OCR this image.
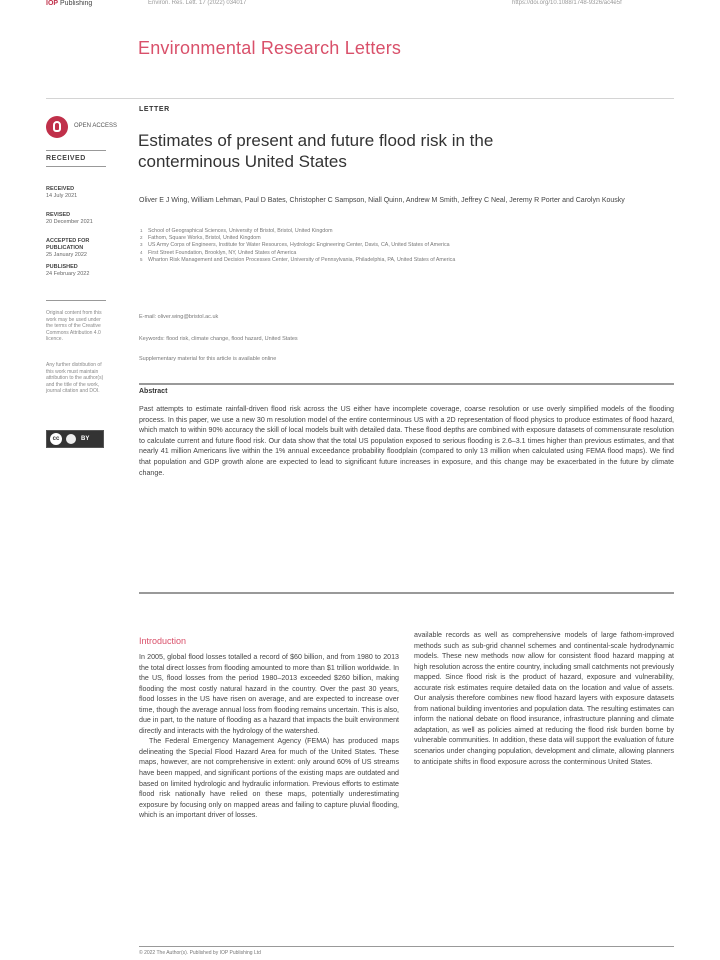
IOP Publishing	Environ. Res. Lett. 17 (2022) 034017	https://doi.org/10.1088/1748-9326/ac4e5f
Environmental Research Letters
OPEN ACCESS
RECEIVED
RECEIVED
14 July 2021
REVISED
20 December 2021
ACCEPTED FOR PUBLICATION
25 January 2022
PUBLISHED
24 February 2022
Original content from this work may be used under the terms of the Creative Commons Attribution 4.0 licence.
Any further distribution of this work must maintain attribution to the author(s) and the title of the work, journal citation and DOI.
cc	BY
LETTER
Estimates of present and future flood risk in the conterminous United States
Oliver E J Wing, William Lehman, Paul D Bates, Christopher C Sampson, Niall Quinn, Andrew M Smith, Jeffrey C Neal, Jeremy R Porter and Carolyn Kousky
1 School of Geographical Sciences, University of Bristol, Bristol, United Kingdom
2 Fathom, Square Works, Bristol, United Kingdom
3 US Army Corps of Engineers, Institute for Water Resources, Hydrologic Engineering Center, Davis, CA, United States of America
4 First Street Foundation, Brooklyn, NY, United States of America
5 Wharton Risk Management and Decision Processes Center, University of Pennsylvania, Philadelphia, PA, United States of America
E-mail: oliver.wing@bristol.ac.uk
Keywords: flood risk, climate change, flood hazard, United States
Supplementary material for this article is available online
Abstract
Past attempts to estimate rainfall-driven flood risk across the US either have incomplete coverage, coarse resolution or use overly simplified models of the flooding process. In this paper, we use a new 30 m resolution model of the entire conterminous US with a 2D representation of flood physics to produce estimates of flood hazard, which match to within 90% accuracy the skill of local models built with detailed data. These flood depths are combined with exposure datasets of commensurate resolution to calculate current and future flood risk. Our data show that the total US population exposed to serious flooding is 2.6–3.1 times higher than previous estimates, and that nearly 41 million Americans live within the 1% annual exceedance probability floodplain (compared to only 13 million when calculated using FEMA flood maps). We find that population and GDP growth alone are expected to lead to significant future increases in exposure, and this change may be exacerbated in the future by climate change.
Introduction

In 2005, global flood losses totalled a record of $60 billion, and from 1980 to 2013 the total direct losses from flooding amounted to more than $1 trillion worldwide. In the US, flood losses from the period 1980–2013 exceeded $260 billion, making flooding the most costly natural hazard in the country. Over the past 30 years, flood losses in the US have risen on average, and are expected to increase over time, though the average annual loss from flooding remains uncertain. This is also, due in part, to the nature of flooding as a hazard that impacts the built environment directly and interacts with the hydrology of the watershed.

The Federal Emergency Management Agency (FEMA) has produced maps delineating the Special Flood Hazard Area for much of the United States. These maps, however, are not comprehensive in extent: only around 60% of US streams have been mapped, and significant portions of the existing maps are outdated and based on limited hydrologic and hydraulic information. Previous efforts to estimate flood risk nationally have relied on these maps, potentially underestimating exposure by focusing only on mapped areas and failing to capture pluvial flooding, which is an important driver of losses.

available records as well as comprehensive models of large fathom-improved methods such as sub-grid channel schemes and continental-scale hydrodynamic models. These new methods now allow for consistent flood hazard mapping at high resolution across the entire country, including small catchments not previously mapped. Since flood risk is the product of hazard, exposure and vulnerability, accurate risk estimates require detailed data on the location and value of assets. Our analysis therefore combines new flood hazard layers with exposure datasets from national building inventories and population data. The resulting estimates can inform the national debate on flood insurance, infrastructure planning and climate adaptation, as well as policies aimed at reducing the flood risk burden borne by vulnerable communities. In addition, these data will support the evaluation of future scenarios under changing population, development and climate, allowing planners to anticipate shifts in flood exposure across the conterminous United States.

© 2022 The Author(s). Published by IOP Publishing Ltd
